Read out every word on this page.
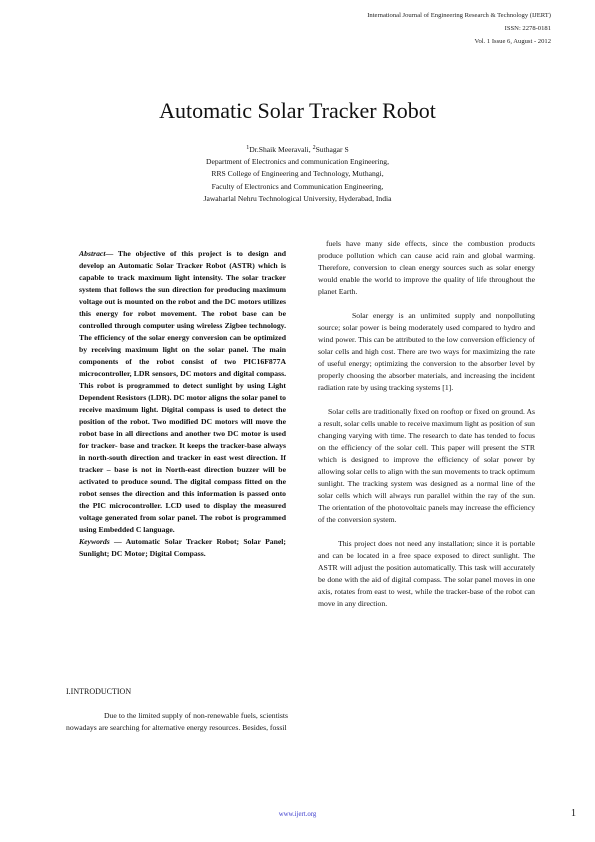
International Journal of Engineering Research & Technology (IJERT)
ISSN: 2278-0181
Vol. 1 Issue 6, August - 2012
Automatic Solar Tracker Robot
$^1$Dr.Shaik Meeravali, $^2$Suthagar S
Department of Electronics and communication Engineering,
RRS College of Engineering and Technology, Muthangi,
Faculty of Electronics and Communication Engineering,
Jawaharlal Nehru Technological University, Hyderabad, India
Abstract— The objective of this project is to design and develop an Automatic Solar Tracker Robot (ASTR) which is capable to track maximum light intensity. The solar tracker system that follows the sun direction for producing maximum voltage out is mounted on the robot and the DC motors utilizes this energy for robot movement. The robot base can be controlled through computer using wireless Zigbee technology. The efficiency of the solar energy conversion can be optimized by receiving maximum light on the solar panel. The main components of the robot consist of two PIC16F877A microcontroller, LDR sensors, DC motors and digital compass. This robot is programmed to detect sunlight by using Light Dependent Resistors (LDR). DC motor aligns the solar panel to receive maximum light. Digital compass is used to detect the position of the robot. Two modified DC motors will move the robot base in all directions and another two DC motor is used for tracker- base and tracker. It keeps the tracker-base always in north-south direction and tracker in east west direction. If tracker – base is not in North-east direction buzzer will be activated to produce sound. The digital compass fitted on the robot senses the direction and this information is passed onto the PIC microcontroller. LCD used to display the measured voltage generated from solar panel. The robot is programmed using Embedded C language.
Keywords — Automatic Solar Tracker Robot; Solar Panel; Sunlight; DC Motor; Digital Compass.
I.INTRODUCTION

Due to the limited supply of non-renewable fuels, scientists nowadays are searching for alternative energy resources. Besides, fossil

fuels have many side effects, since the combustion products produce pollution which can cause acid rain and global warming. Therefore, conversion to clean energy sources such as solar energy would enable the world to improve the quality of life throughout the planet Earth.

Solar energy is an unlimited supply and nonpolluting source; solar power is being moderately used compared to hydro and wind power. This can be attributed to the low conversion efficiency of solar cells and high cost. There are two ways for maximizing the rate of useful energy; optimizing the conversion to the absorber level by properly choosing the absorber materials, and increasing the incident radiation rate by using tracking systems [1].

Solar cells are traditionally fixed on rooftop or fixed on ground. As a result, solar cells unable to receive maximum light as position of sun changing varying with time. The research to date has tended to focus on the efficiency of the solar cell. This paper will present the STR which is designed to improve the efficiency of solar power by allowing solar cells to align with the sun movements to track optimum sunlight. The tracking system was designed as a normal line of the solar cells which will always run parallel within the ray of the sun. The orientation of the photovoltaic panels may increase the efficiency of the conversion system.

This project does not need any installation; since it is portable and can be located in a free space exposed to direct sunlight. The ASTR will adjust the position automatically. This task will accurately be done with the aid of digital compass. The solar panel moves in one axis, rotates from east to west, while the tracker-base of the robot can move in any direction.

www.ijert.org	1
